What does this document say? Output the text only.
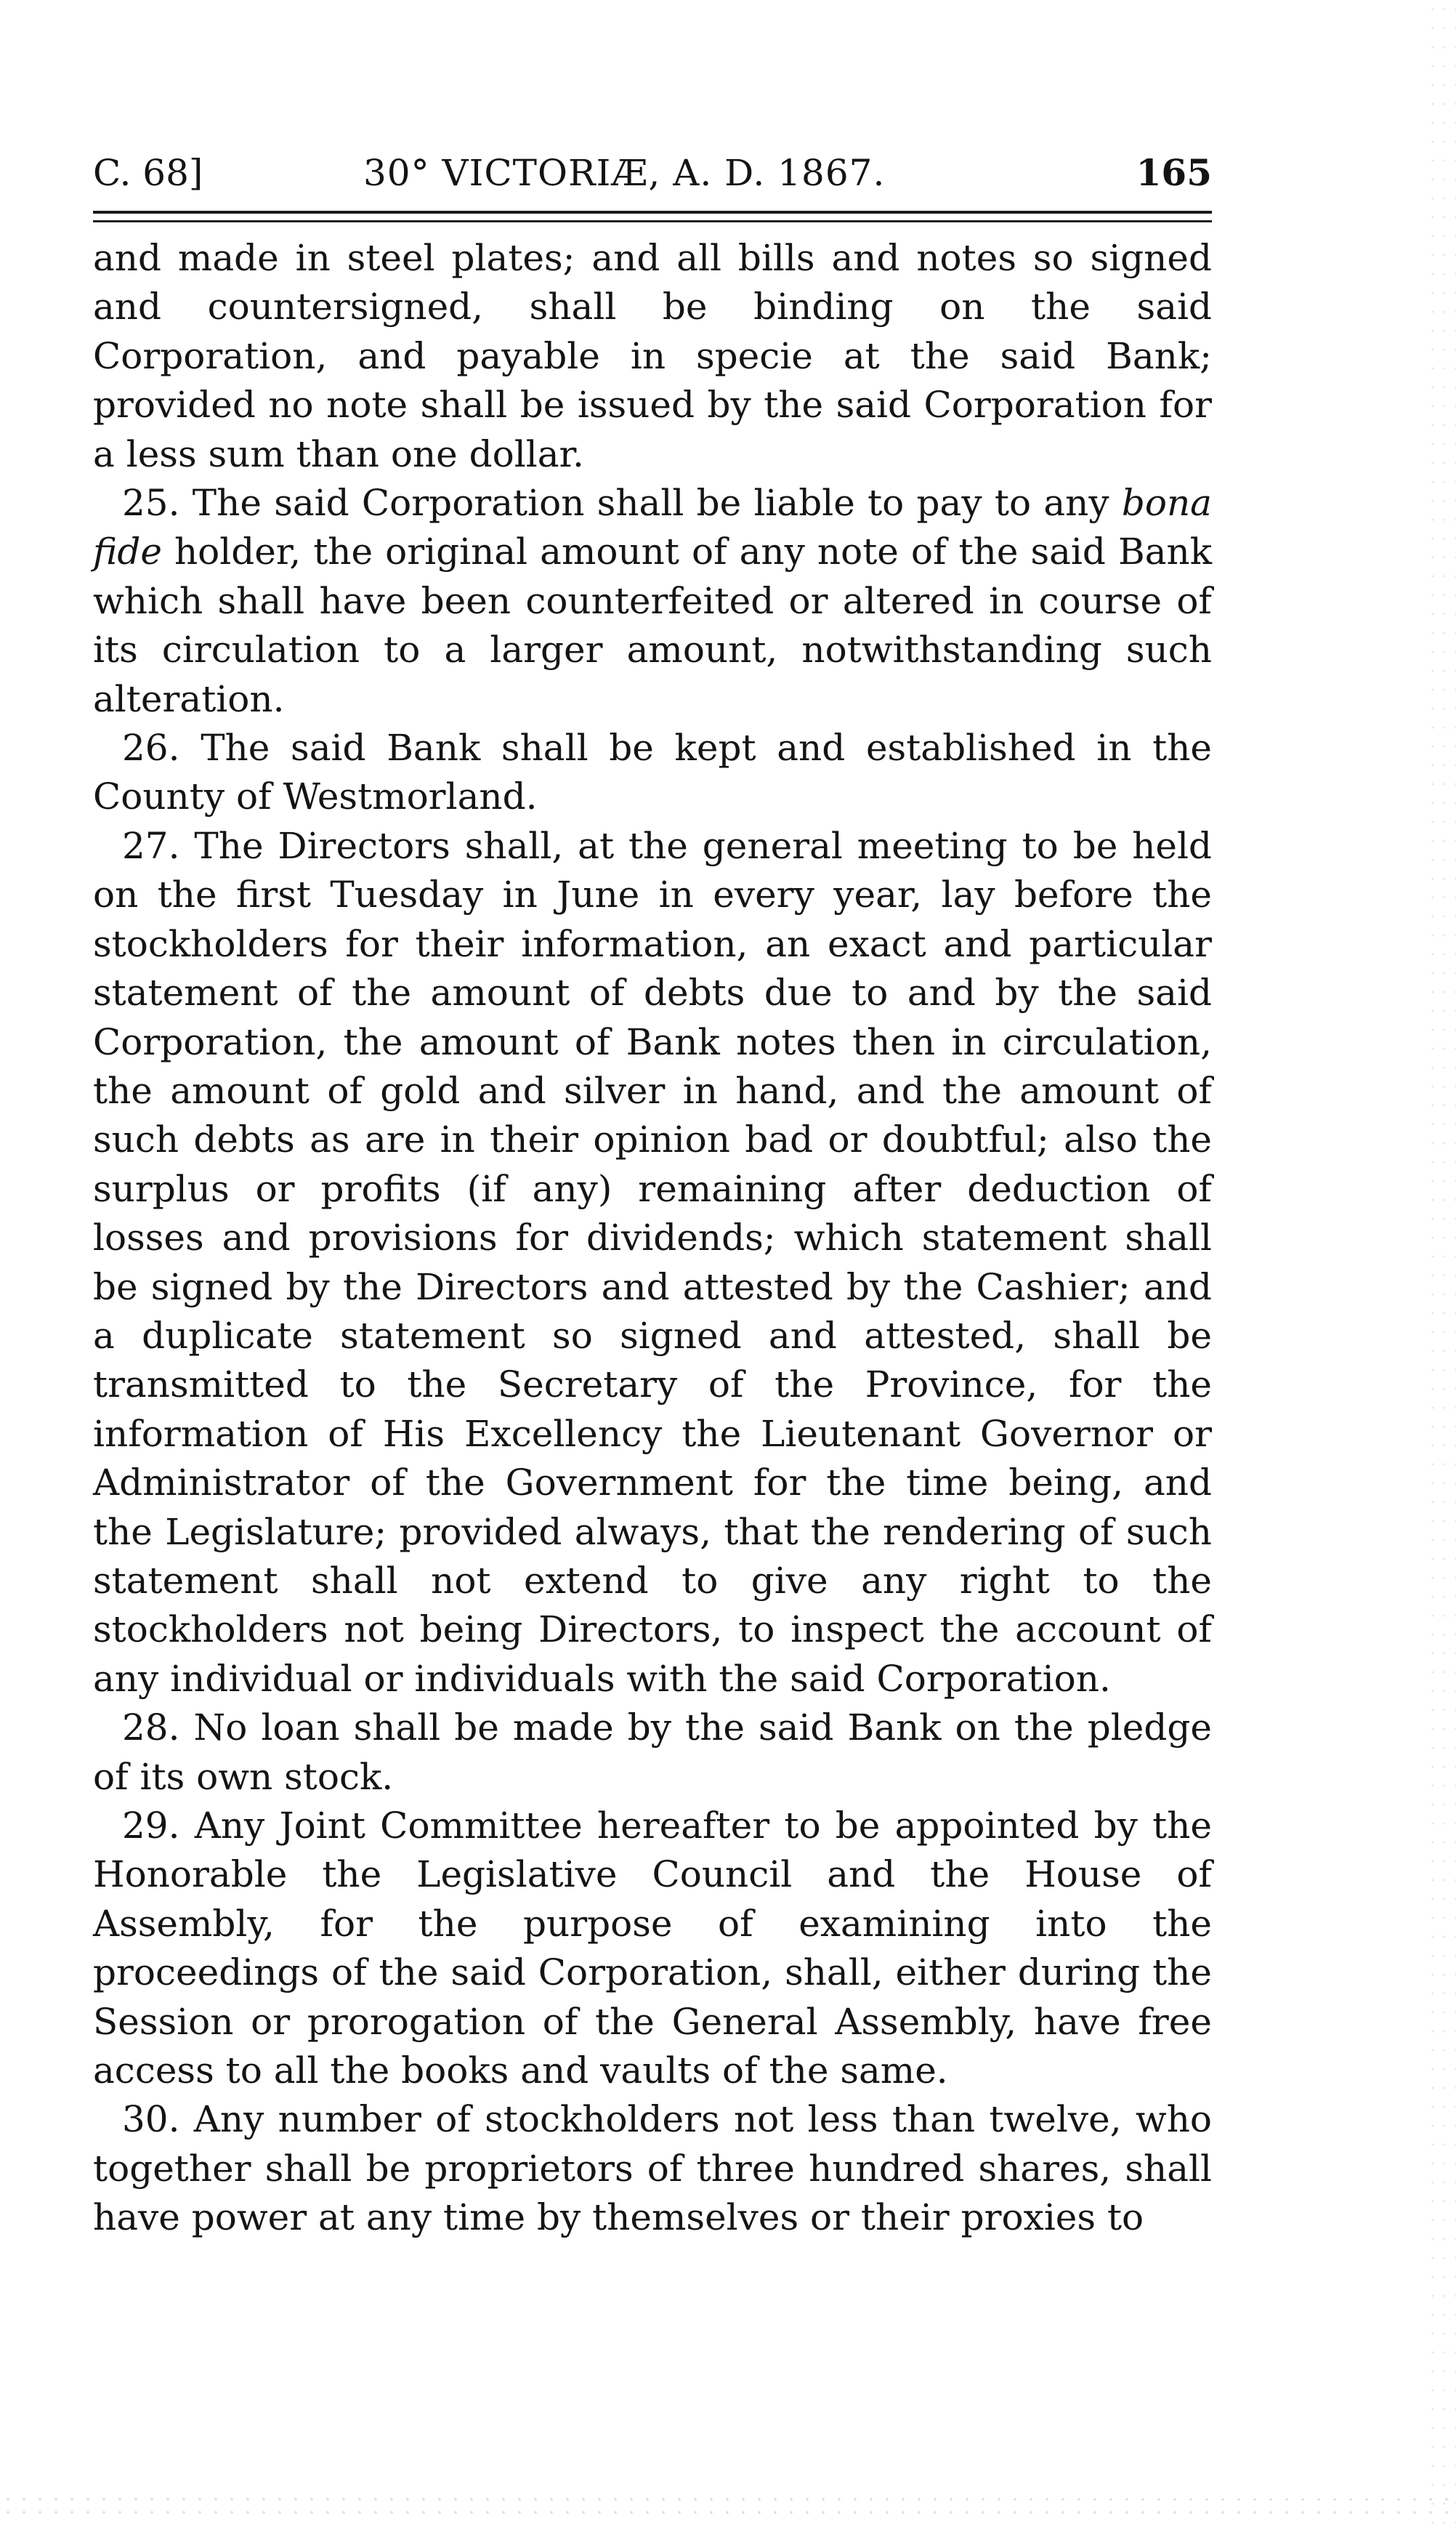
C. 68]	30° VICTORIÆ, A. D. 1867.	165

and made in steel plates; and all bills and notes so signed and countersigned, shall be binding on the said Corporation, and payable in specie at the said Bank; provided no note shall be issued by the said Corporation for a less sum than one dollar.

25. The said Corporation shall be liable to pay to any bona fide holder, the original amount of any note of the said Bank which shall have been counterfeited or altered in course of its circulation to a larger amount, notwithstanding such alteration.

26. The said Bank shall be kept and established in the County of Westmorland.

27. The Directors shall, at the general meeting to be held on the first Tuesday in June in every year, lay before the stockholders for their information, an exact and particular statement of the amount of debts due to and by the said Corporation, the amount of Bank notes then in circulation, the amount of gold and silver in hand, and the amount of such debts as are in their opinion bad or doubtful; also the surplus or profits (if any) remaining after deduction of losses and provisions for dividends; which statement shall be signed by the Directors and attested by the Cashier; and a duplicate statement so signed and attested, shall be transmitted to the Secretary of the Province, for the information of His Excellency the Lieutenant Governor or Administrator of the Government for the time being, and the Legislature; provided always, that the rendering of such statement shall not extend to give any right to the stockholders not being Directors, to inspect the account of any individual or individuals with the said Corporation.

28. No loan shall be made by the said Bank on the pledge of its own stock.

29. Any Joint Committee hereafter to be appointed by the Honorable the Legislative Council and the House of Assembly, for the purpose of examining into the proceedings of the said Corporation, shall, either during the Session or prorogation of the General Assembly, have free access to all the books and vaults of the same.

30. Any number of stockholders not less than twelve, who together shall be proprietors of three hundred shares, shall have power at any time by themselves or their proxies to
